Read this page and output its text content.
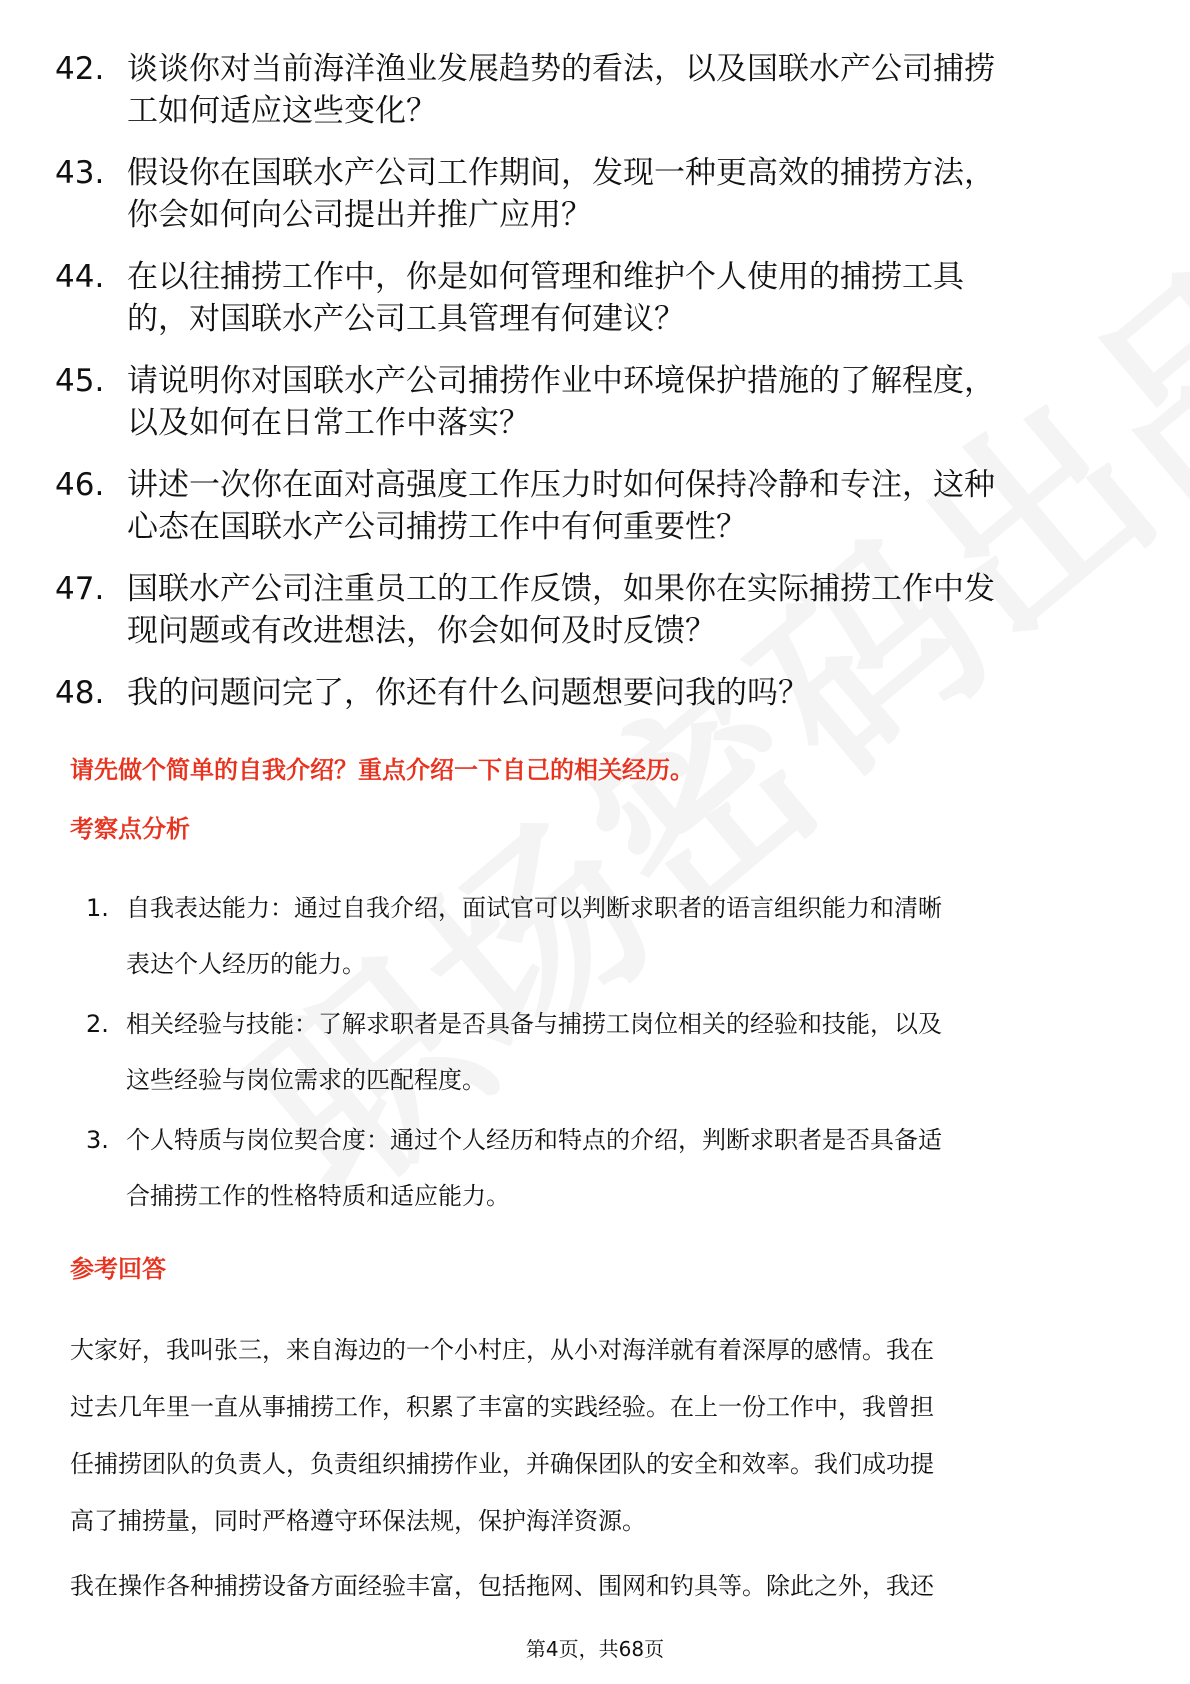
42. 谈谈你对当前海洋渔业发展趋势的看法，以及国联水产公司捕捞
工如何适应这些变化？
43. 假设你在国联水产公司工作期间，发现一种更高效的捕捞方法，
你会如何向公司提出并推广应用？
44. 在以往捕捞工作中，你是如何管理和维护个人使用的捕捞工具
的，对国联水产公司工具管理有何建议？
45. 请说明你对国联水产公司捕捞作业中环境保护措施的了解程度，
以及如何在日常工作中落实？
46. 讲述一次你在面对高强度工作压力时如何保持冷静和专注，这种
心态在国联水产公司捕捞工作中有何重要性？
47. 国联水产公司注重员工的工作反馈，如果你在实际捕捞工作中发
现问题或有改进想法，你会如何及时反馈？
48. 我的问题问完了，你还有什么问题想要问我的吗？
请先做个简单的自我介绍？重点介绍一下自己的相关经历。
考察点分析
1. 自我表达能力：通过自我介绍，面试官可以判断求职者的语言组织能力和清晰
表达个人经历的能力。
2. 相关经验与技能：了解求职者是否具备与捕捞工岗位相关的经验和技能，以及
这些经验与岗位需求的匹配程度。
3. 个人特质与岗位契合度：通过个人经历和特点的介绍，判断求职者是否具备适
合捕捞工作的性格特质和适应能力。
参考回答
大家好，我叫张三，来自海边的一个小村庄，从小对海洋就有着深厚的感情。我在
过去几年里一直从事捕捞工作，积累了丰富的实践经验。在上一份工作中，我曾担
任捕捞团队的负责人，负责组织捕捞作业，并确保团队的安全和效率。我们成功提
高了捕捞量，同时严格遵守环保法规，保护海洋资源。
我在操作各种捕捞设备方面经验丰富，包括拖网、围网和钓具等。除此之外，我还
第4页，共68页
